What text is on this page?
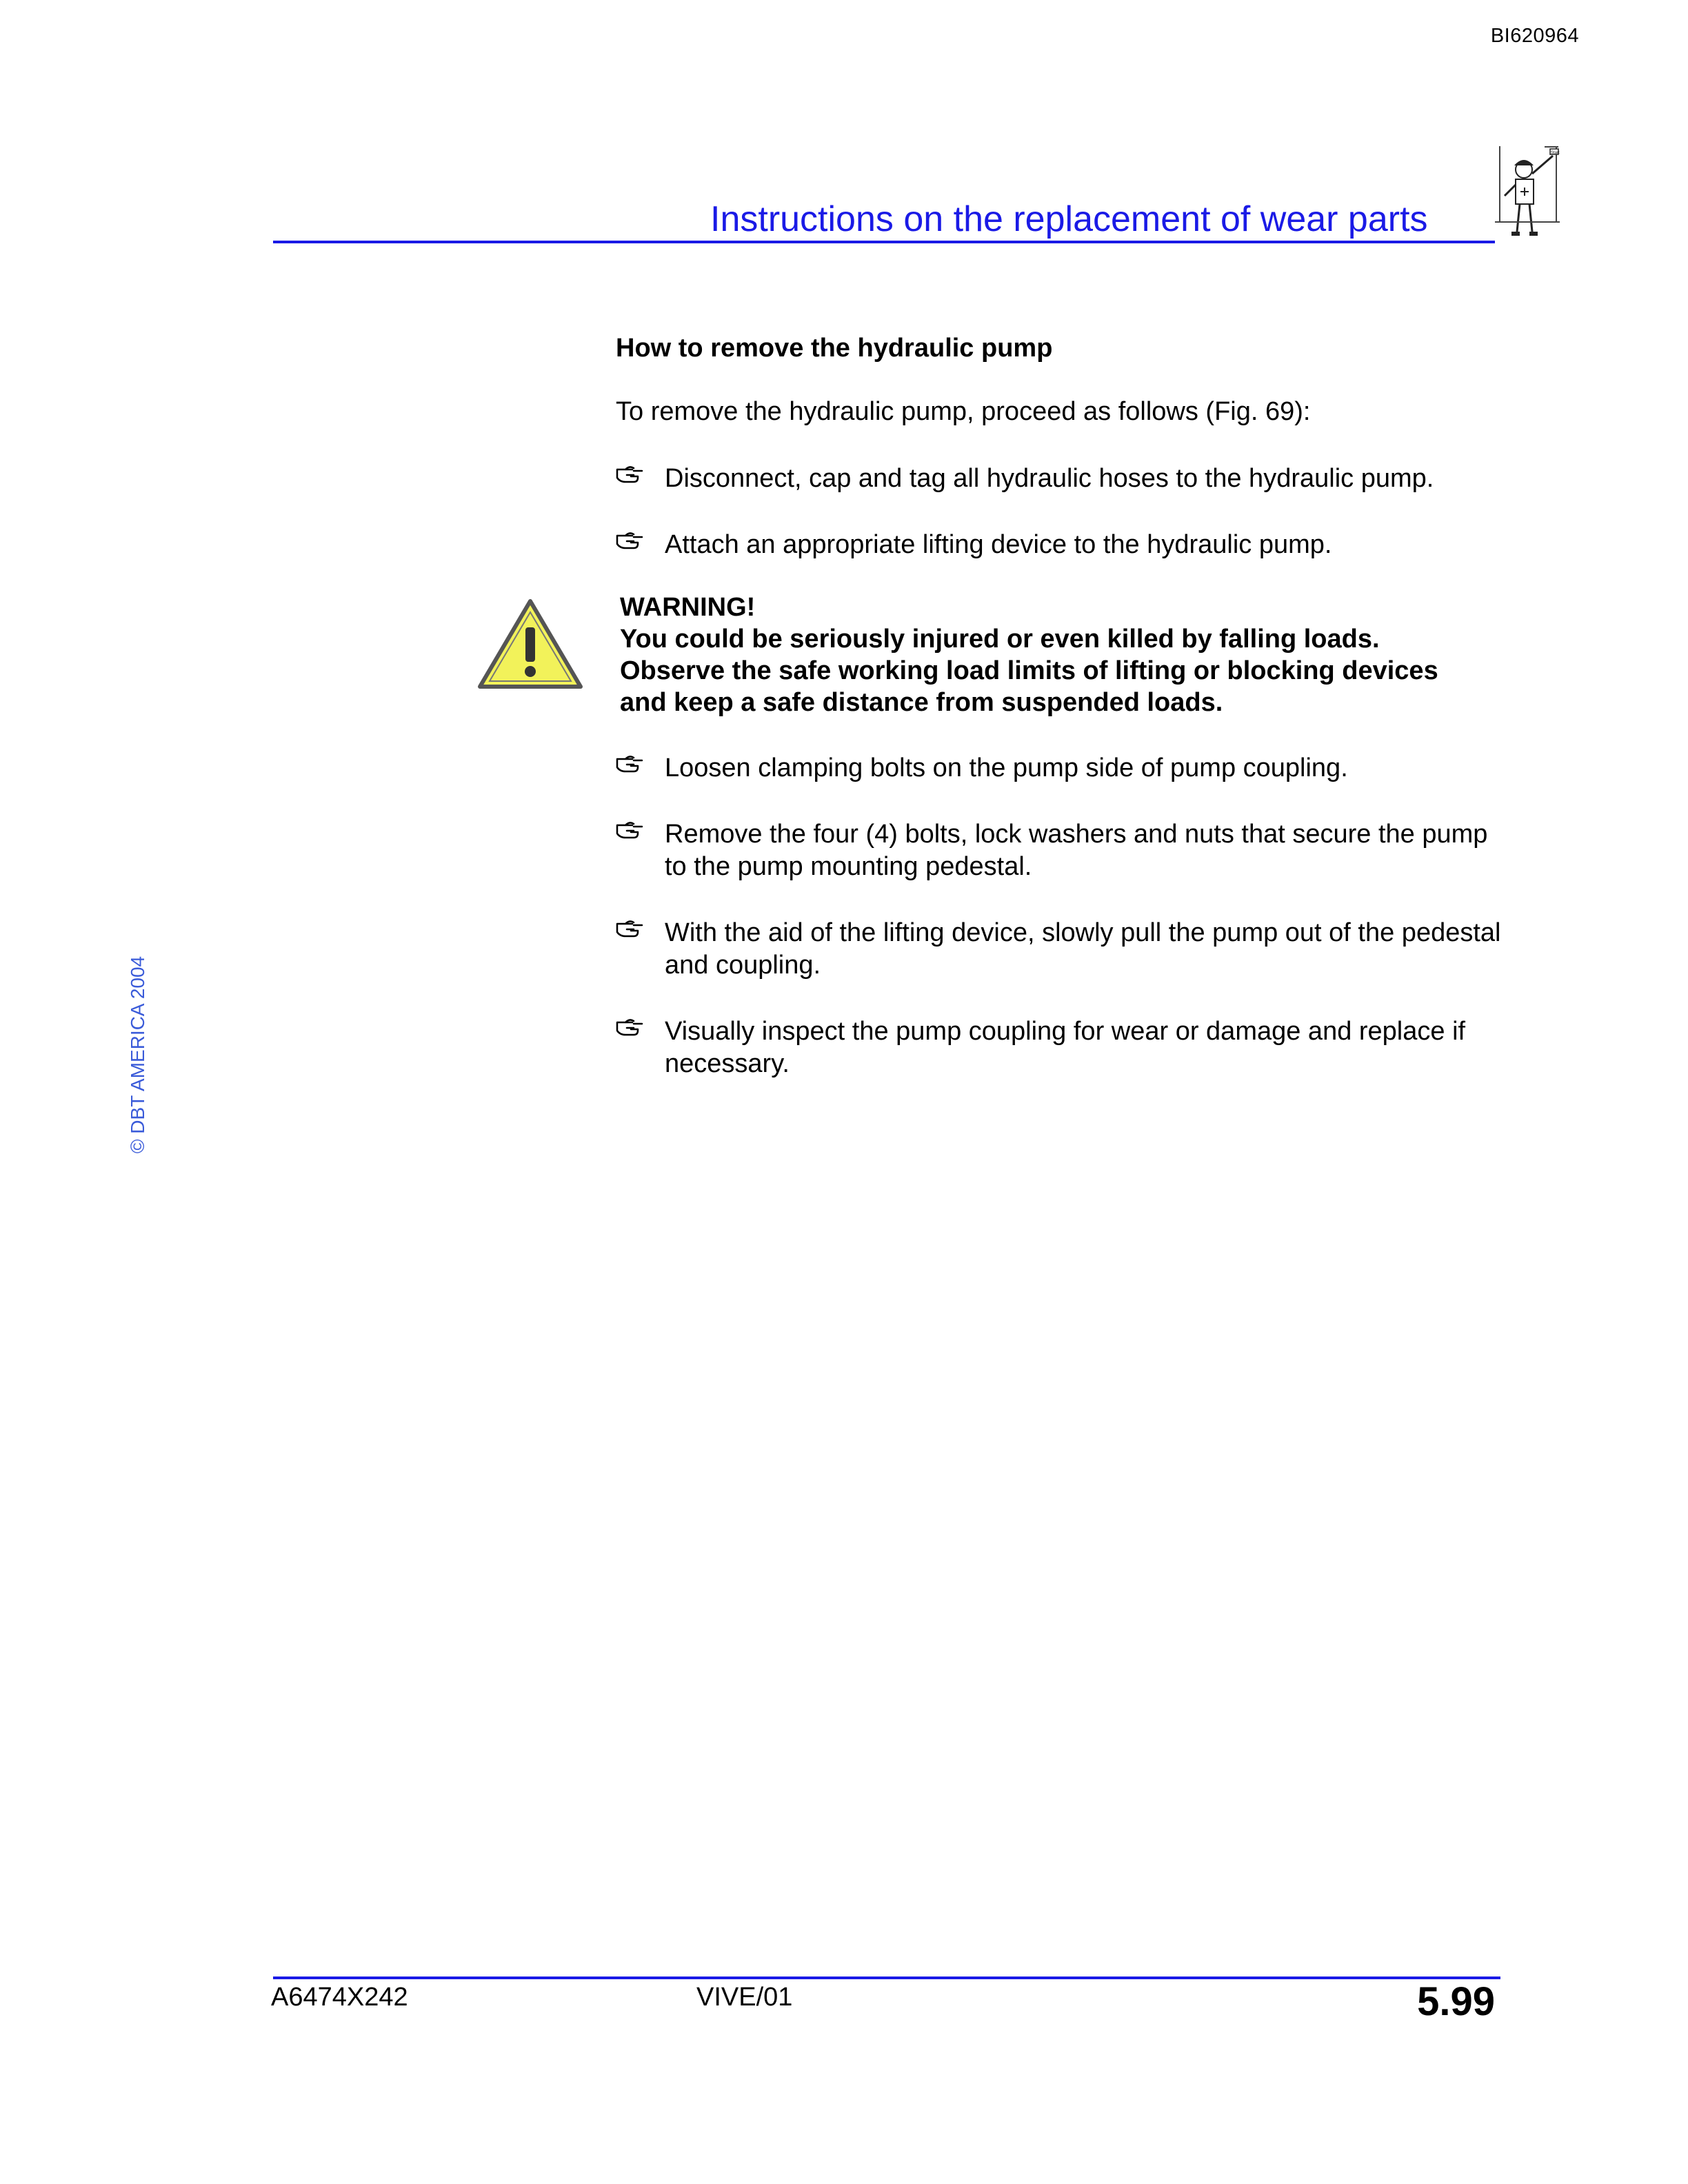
BI620964
Instructions on the replacement of wear parts
Start
How to remove the hydraulic pump
To remove the hydraulic pump, proceed as follows (Fig. 69):
Disconnect, cap and tag all hydraulic hoses to the hydraulic pump.
Attach an appropriate lifting device to the hydraulic pump.
WARNING!
You could be seriously injured or even killed by falling loads.
Observe the safe working load limits of lifting or blocking devices
and keep a safe distance from suspended loads.
Loosen clamping bolts on the pump side of pump coupling.
Remove the four (4) bolts, lock washers and nuts that secure the pump to the pump mounting pedestal.
With the aid of the lifting device, slowly pull the pump out of the pedestal and coupling.
Visually inspect the pump coupling for wear or damage and replace if necessary.
© DBT AMERICA 2004
A6474X242	VIVE/01	5.99
